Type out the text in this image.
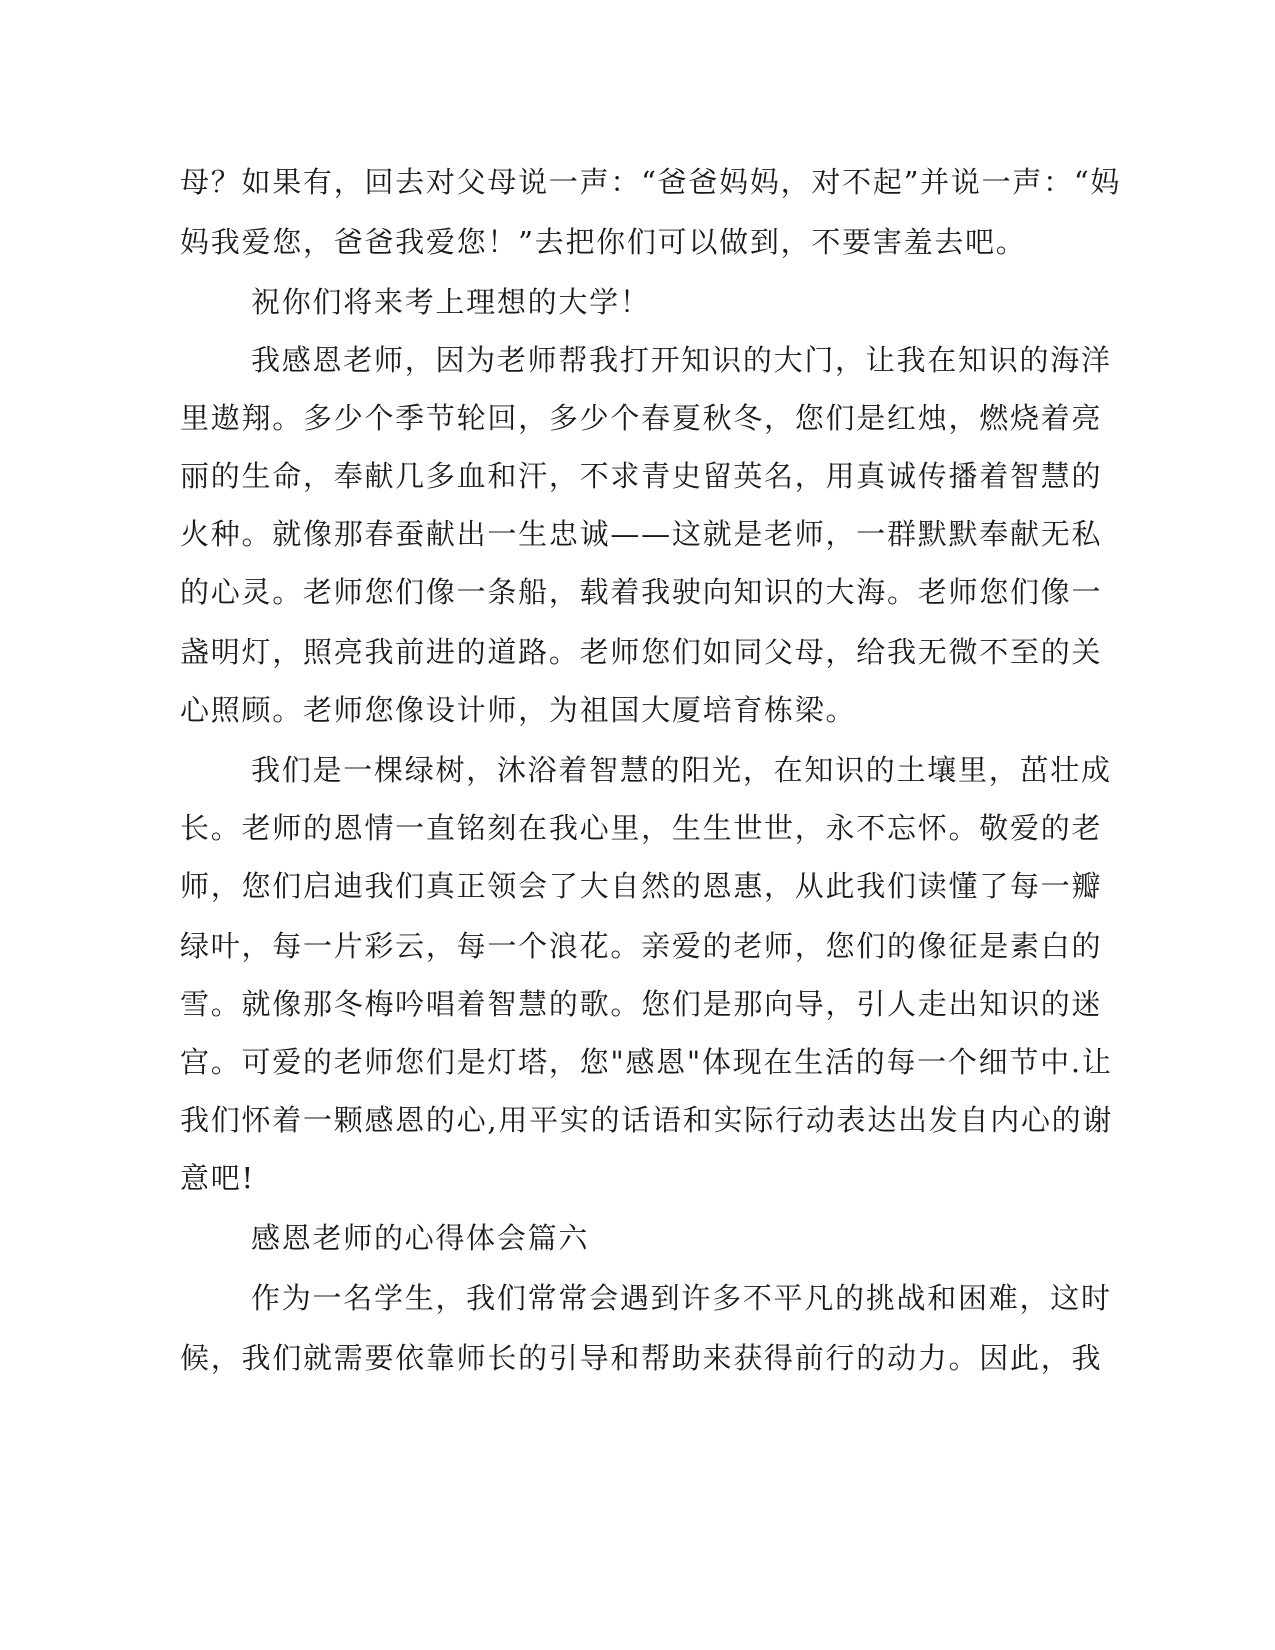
母？如果有，回去对父母说一声：“爸爸妈妈，对不起”并说一声：“妈
妈我爱您，爸爸我爱您！”去把你们可以做到，不要害羞去吧。
祝你们将来考上理想的大学！
我感恩老师，因为老师帮我打开知识的大门，让我在知识的海洋
里遨翔。多少个季节轮回，多少个春夏秋冬，您们是红烛，燃烧着亮
丽的生命，奉献几多血和汗，不求青史留英名，用真诚传播着智慧的
火种。就像那春蚕献出一生忠诚——这就是老师，一群默默奉献无私
的心灵。老师您们像一条船，载着我驶向知识的大海。老师您们像一
盏明灯，照亮我前进的道路。老师您们如同父母，给我无微不至的关
心照顾。老师您像设计师，为祖国大厦培育栋梁。
我们是一棵绿树，沐浴着智慧的阳光，在知识的土壤里，茁壮成
长。老师的恩情一直铭刻在我心里，生生世世，永不忘怀。敬爱的老
师，您们启迪我们真正领会了大自然的恩惠，从此我们读懂了每一瓣
绿叶，每一片彩云，每一个浪花。亲爱的老师，您们的像征是素白的
雪。就像那冬梅吟唱着智慧的歌。您们是那向导，引人走出知识的迷
宫。可爱的老师您们是灯塔，您"感恩"体现在生活的每一个细节中.让
我们怀着一颗感恩的心,用平实的话语和实际行动表达出发自内心的谢
意吧!
感恩老师的心得体会篇六
作为一名学生，我们常常会遇到许多不平凡的挑战和困难，这时
候，我们就需要依靠师长的引导和帮助来获得前行的动力。因此，我
